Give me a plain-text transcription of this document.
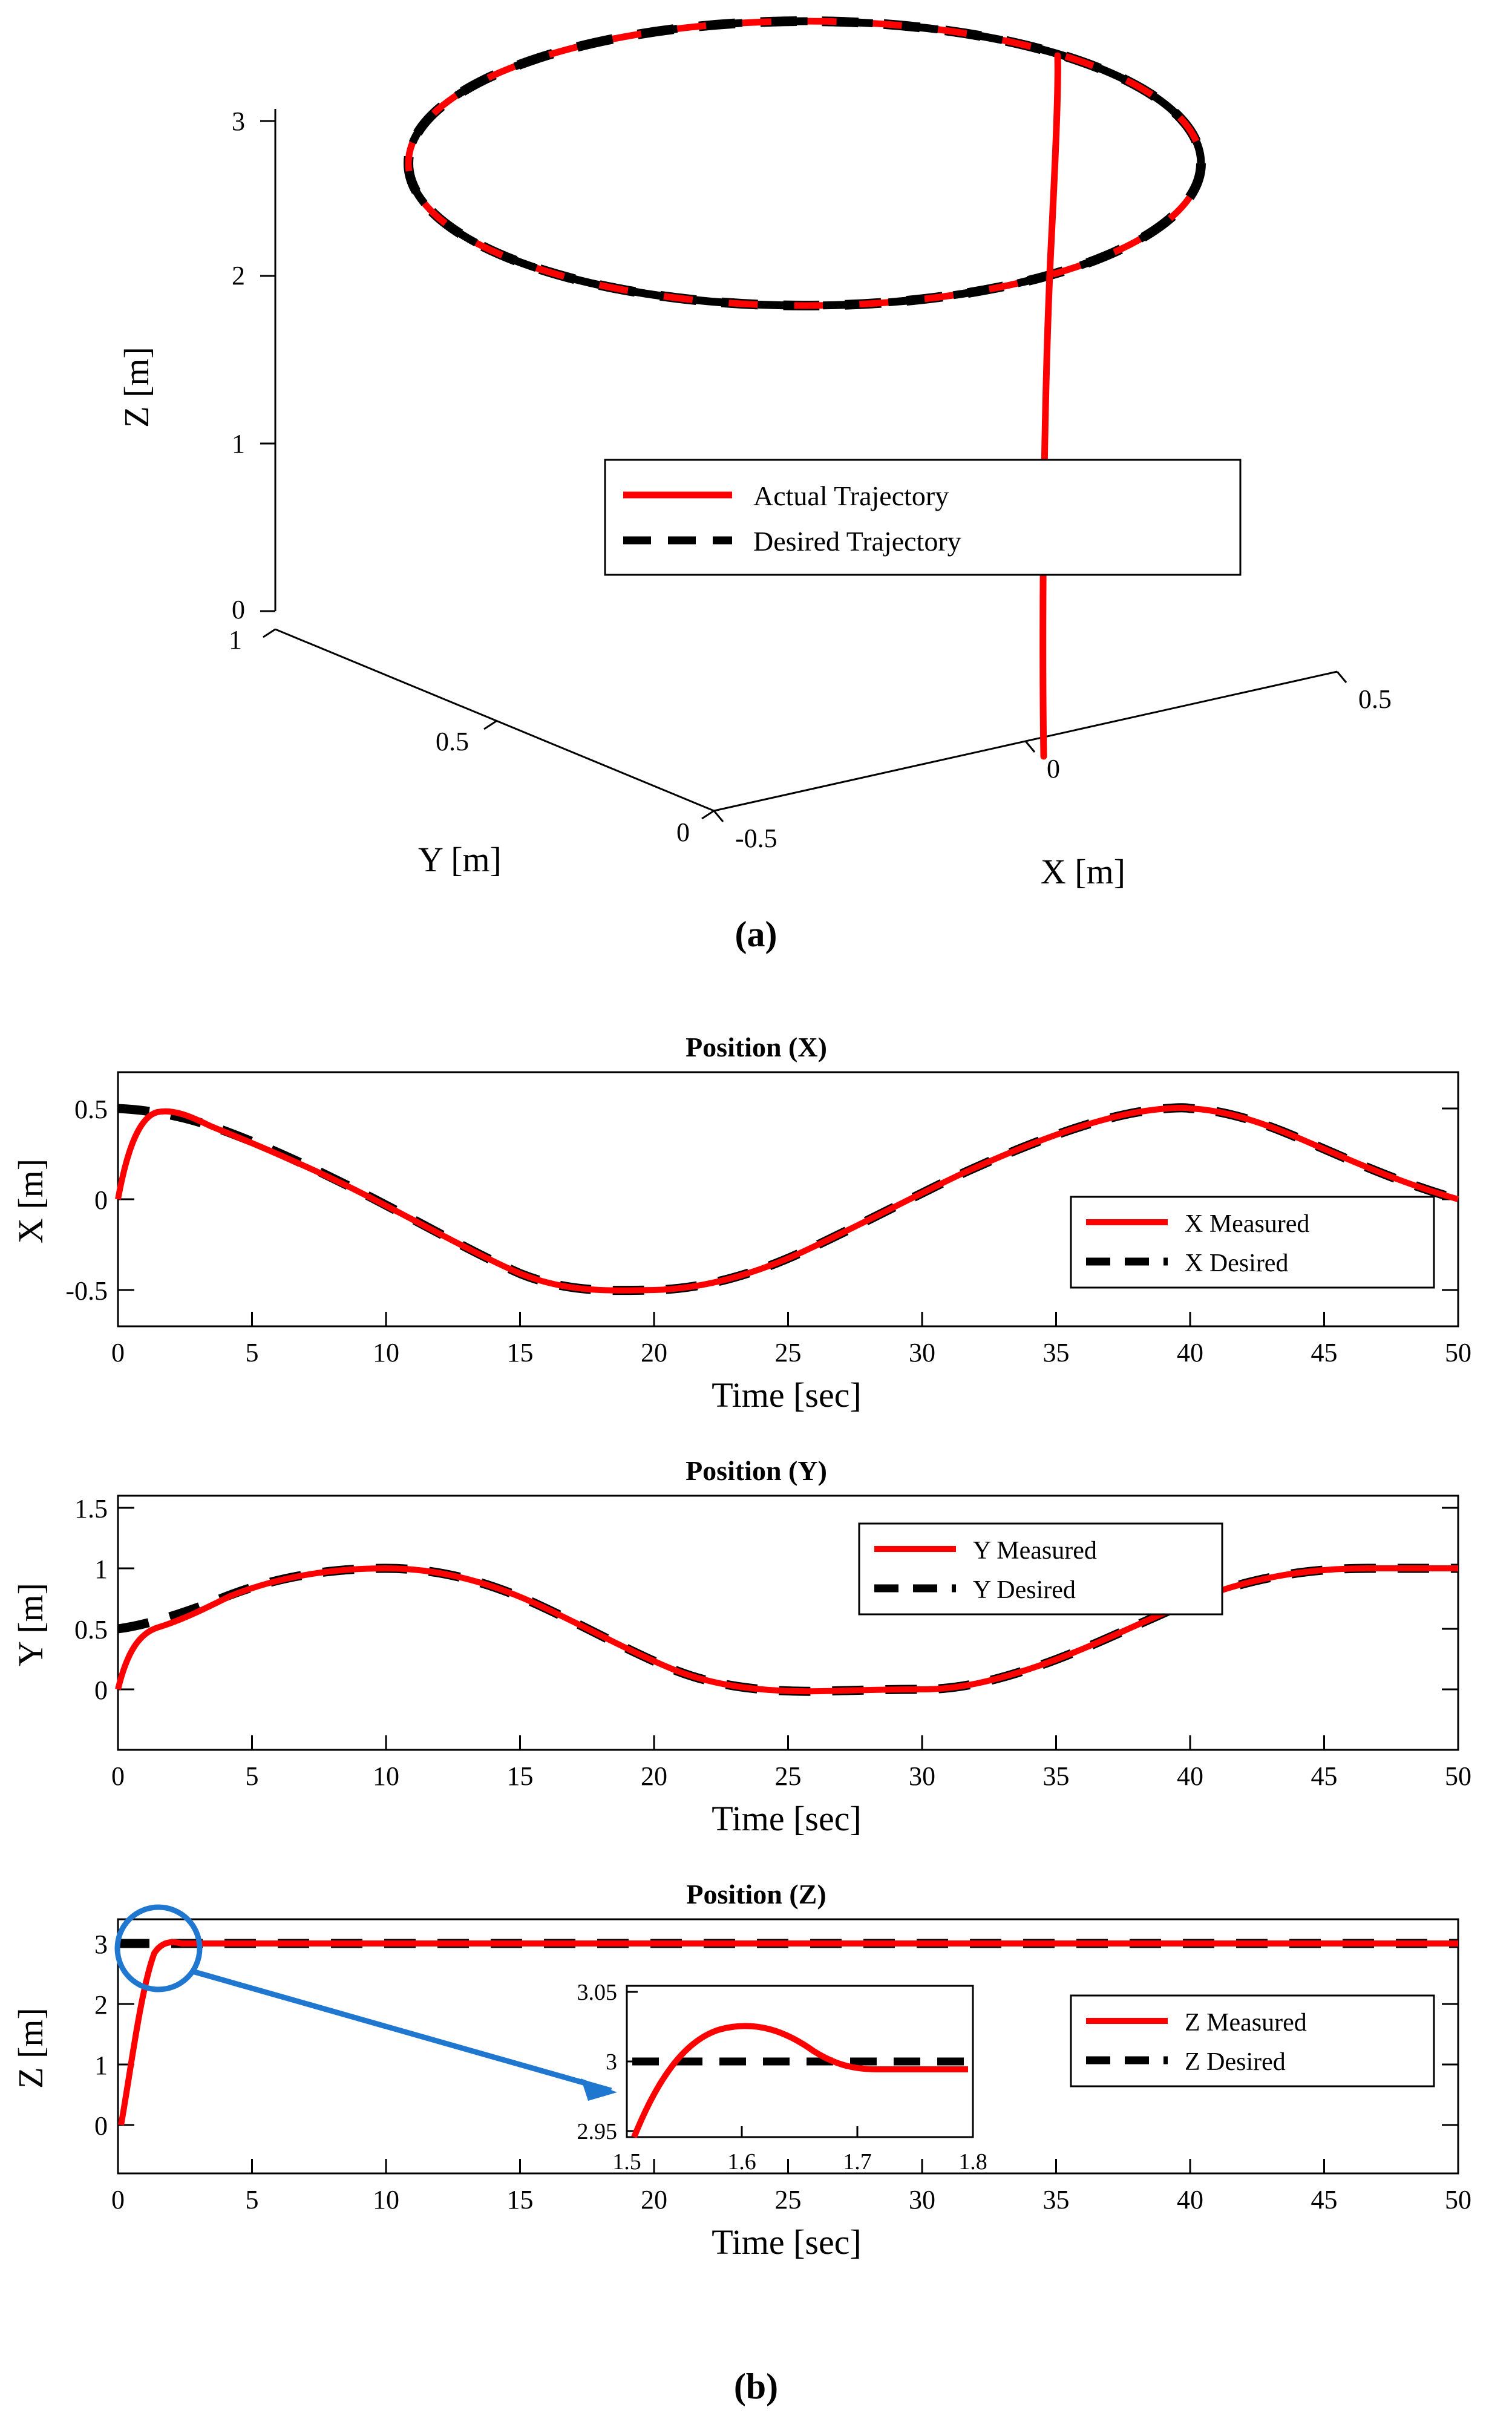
0
1
2
3
1
0.5
0 -0.5
0
0.5
Z [m]
Y [m]	X [m]
Actual Trajectory
Desired Trajectory
(a)
Position (X)
0.5
0
-0.5
0	5	10	15	20	25	30	35	40	45	50
Time [sec]
X [m]	X Measured
X Desired
Position (Y)
1.5
1
0.5
0
0	5	10	15	20	25	30	35	40	45	50
Time [sec]
Y [m]
Y Measured
Y Desired
Position (Z)
3
2
1
0
0	5	10	15	20	25	30	35	40	45	50
Time [sec]
Z [m]
3.05
3
2.95
1.5	1.6	1.7	1.8
Z Measured
Z Desired
(b)
